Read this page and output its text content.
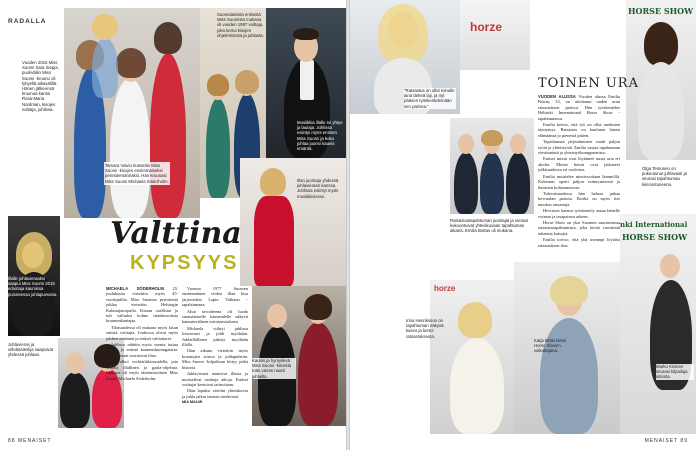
RADALLA
Vuoden 2015 Miss Suomi Sara Sieppi, puoliväliin Miss Suomi -kruunu oli lyhyellä aikavälillä. Hänen jälkeensä kruunua kantoi Rosa-Maria Nordman, kisojen voittaja, juhlissa.
Tamara Vaivio kutsuttiin Miss Suomi -kisojen ensimmäiseksi perintöemännäksi. Hän kruunasi Miss Suomi Michaela Söderholm.
Suomalaisista entisistä Miss Suomista mukana oli vuoden 1987 voittaja, joka kertoi kisojen ohjelmistosta ja juhlasta.
Musiikkia illalle toi yhtye ja laulaja. Juhlissa esiintyi myös entinen Miss Suomi ja koko juhlaa juonsi kaunis emäntä.
Illan juontaja yhdessä juhlavieraan kanssa. Juhlissa esiintyi myös musiikkivieras.
Illalle juhlavieraaksi saapui Miss Suomi 2015 edustaja kauniissa punaisessa juhlapuvussa.
Valttina
KYPSYYS
Juhlavieras ja viihdetaiteilija saapuivat yhdessä juhlaan.

MICHAELA SÖDERHOLM 25. joulukuuta vietettiin myös 45-vuotisjuhlia. Miss Suomen perinteistä juhlaa vietettiin Helsingin Kalastajatorpalla. Kisaan osallistui ja tuli valituksi kolme tämänvuotista kruununkantajaa.

Tilaisuudessa oli mukana myös kisan entisiä voittajia. Joukossa olivat myös juhlien emännät ja entiset valtiattaret.

Juhlissa nähtiin myös monta tuttua kasvoa ja entistä kauneuskuningatarta. Kutsuvieraat seurasivat iltaa.

Ilta alkoi cocktailtilaisuudella, jota seurasi illallinen ja gaala-ohjelma. Mukana oli myös tämänvuotinen Miss Suomi Michaela Söderholm.

Vuonna 1977 Suomen ensimmäinen viiden illan kisa järjestettiin Lapin Valtiatar -tapahtumana.

Alun tavoitteena oli luoda suomalaiselle kauneudelle näkyvä kansainvälinen esiintymisalusta.

Michaela viihtyi juhlissa loistavasti ja juhli myöhään. Juhlaillallinen päättyi myöhään illalla.

Illan aikana vietettiin myös kruunujen siirtoa ja juhlapuheita. Miss Suomi -kilpailuun liittyy pitkä historia.

Juhlavieraat nauttivat illasta ja muistelivat vanhoja aikoja. Entiset voittajat kertoivat tarinoitaan.

Illan lopuksi otettiin yhteiskuvia ja juhla jatkui tanssin merkeissä.

MIA MALMI

Kaunis ja hymyilevä Miss Suomi -kisoista tuttu vieras nautti juhlailta.
88 MENAISET
"Ratsastus on ollut minulle aina tärkeä laji, ja nyt pääsen työskentelemään sen parissa."
horze
HORSE SHOW
Olga Temonen on pukeutunut juhlavasti ja seurasi tapahtumaa kiinnostuneena.
TOINEN URA

VUODEN ALUSSA Vuoden alussa Emilia Bottas, 33, on aloittanut uuden uran ratsastuksen parissa. Hän työskentelee Helsinki International Horse Show -tapahtumassa.

Emilia kertoo, että työ on ollut unelmien täyttymys. Ratsastus on kuulunut hänen elämäänsä jo pienestä pitäen.

Tapahtuman järjestäminen vaatii paljon työtä ja yhteistyötä. Emilia vastaa tapahtuman viestinnästä ja yhteistyökumppaneista.

Entiset missit ovat löytäneet uusia uria eri aloilta. Monet heistä ovat jatkaneet julkisuudessa eri rooleissa.

Emilia muistelee missivuottaan lämmöllä. Kokemus opetti paljon esiintymisestä ja ihmisten kohtaamisesta.

Tulevaisuudessa hän haluaa jatkaa hevosalan parissa. Emilia on myös itse innokas ratsastaja.

Hevosten kanssa työskentely antaa hänelle voimaa ja tasapainoa arkeen.

Horse Show on yksi Suomen suurimmista ratsastustapahtumista, joka kerää vuosittain tuhansia katsojia.

Emilia toivoo, että yhä useampi löytäisi ratsastuksen ilon.

Ratsastustapahtuman juontajat ja vieraat kokoontuivat yhteiskuvaan tapahtuman aikana. Emilia Bottas oli mukana.
nki International
HORSE SHOW
Marko Kivinen seurasi kilpailuja aitiosta.
horze
Irina Henriksson on tapahtuman näkyvä kasvo ja kertoi ratsastuksesta.
Katja Bräki toimii Horse Show'n vaikuttajana.
MENAISET 89
